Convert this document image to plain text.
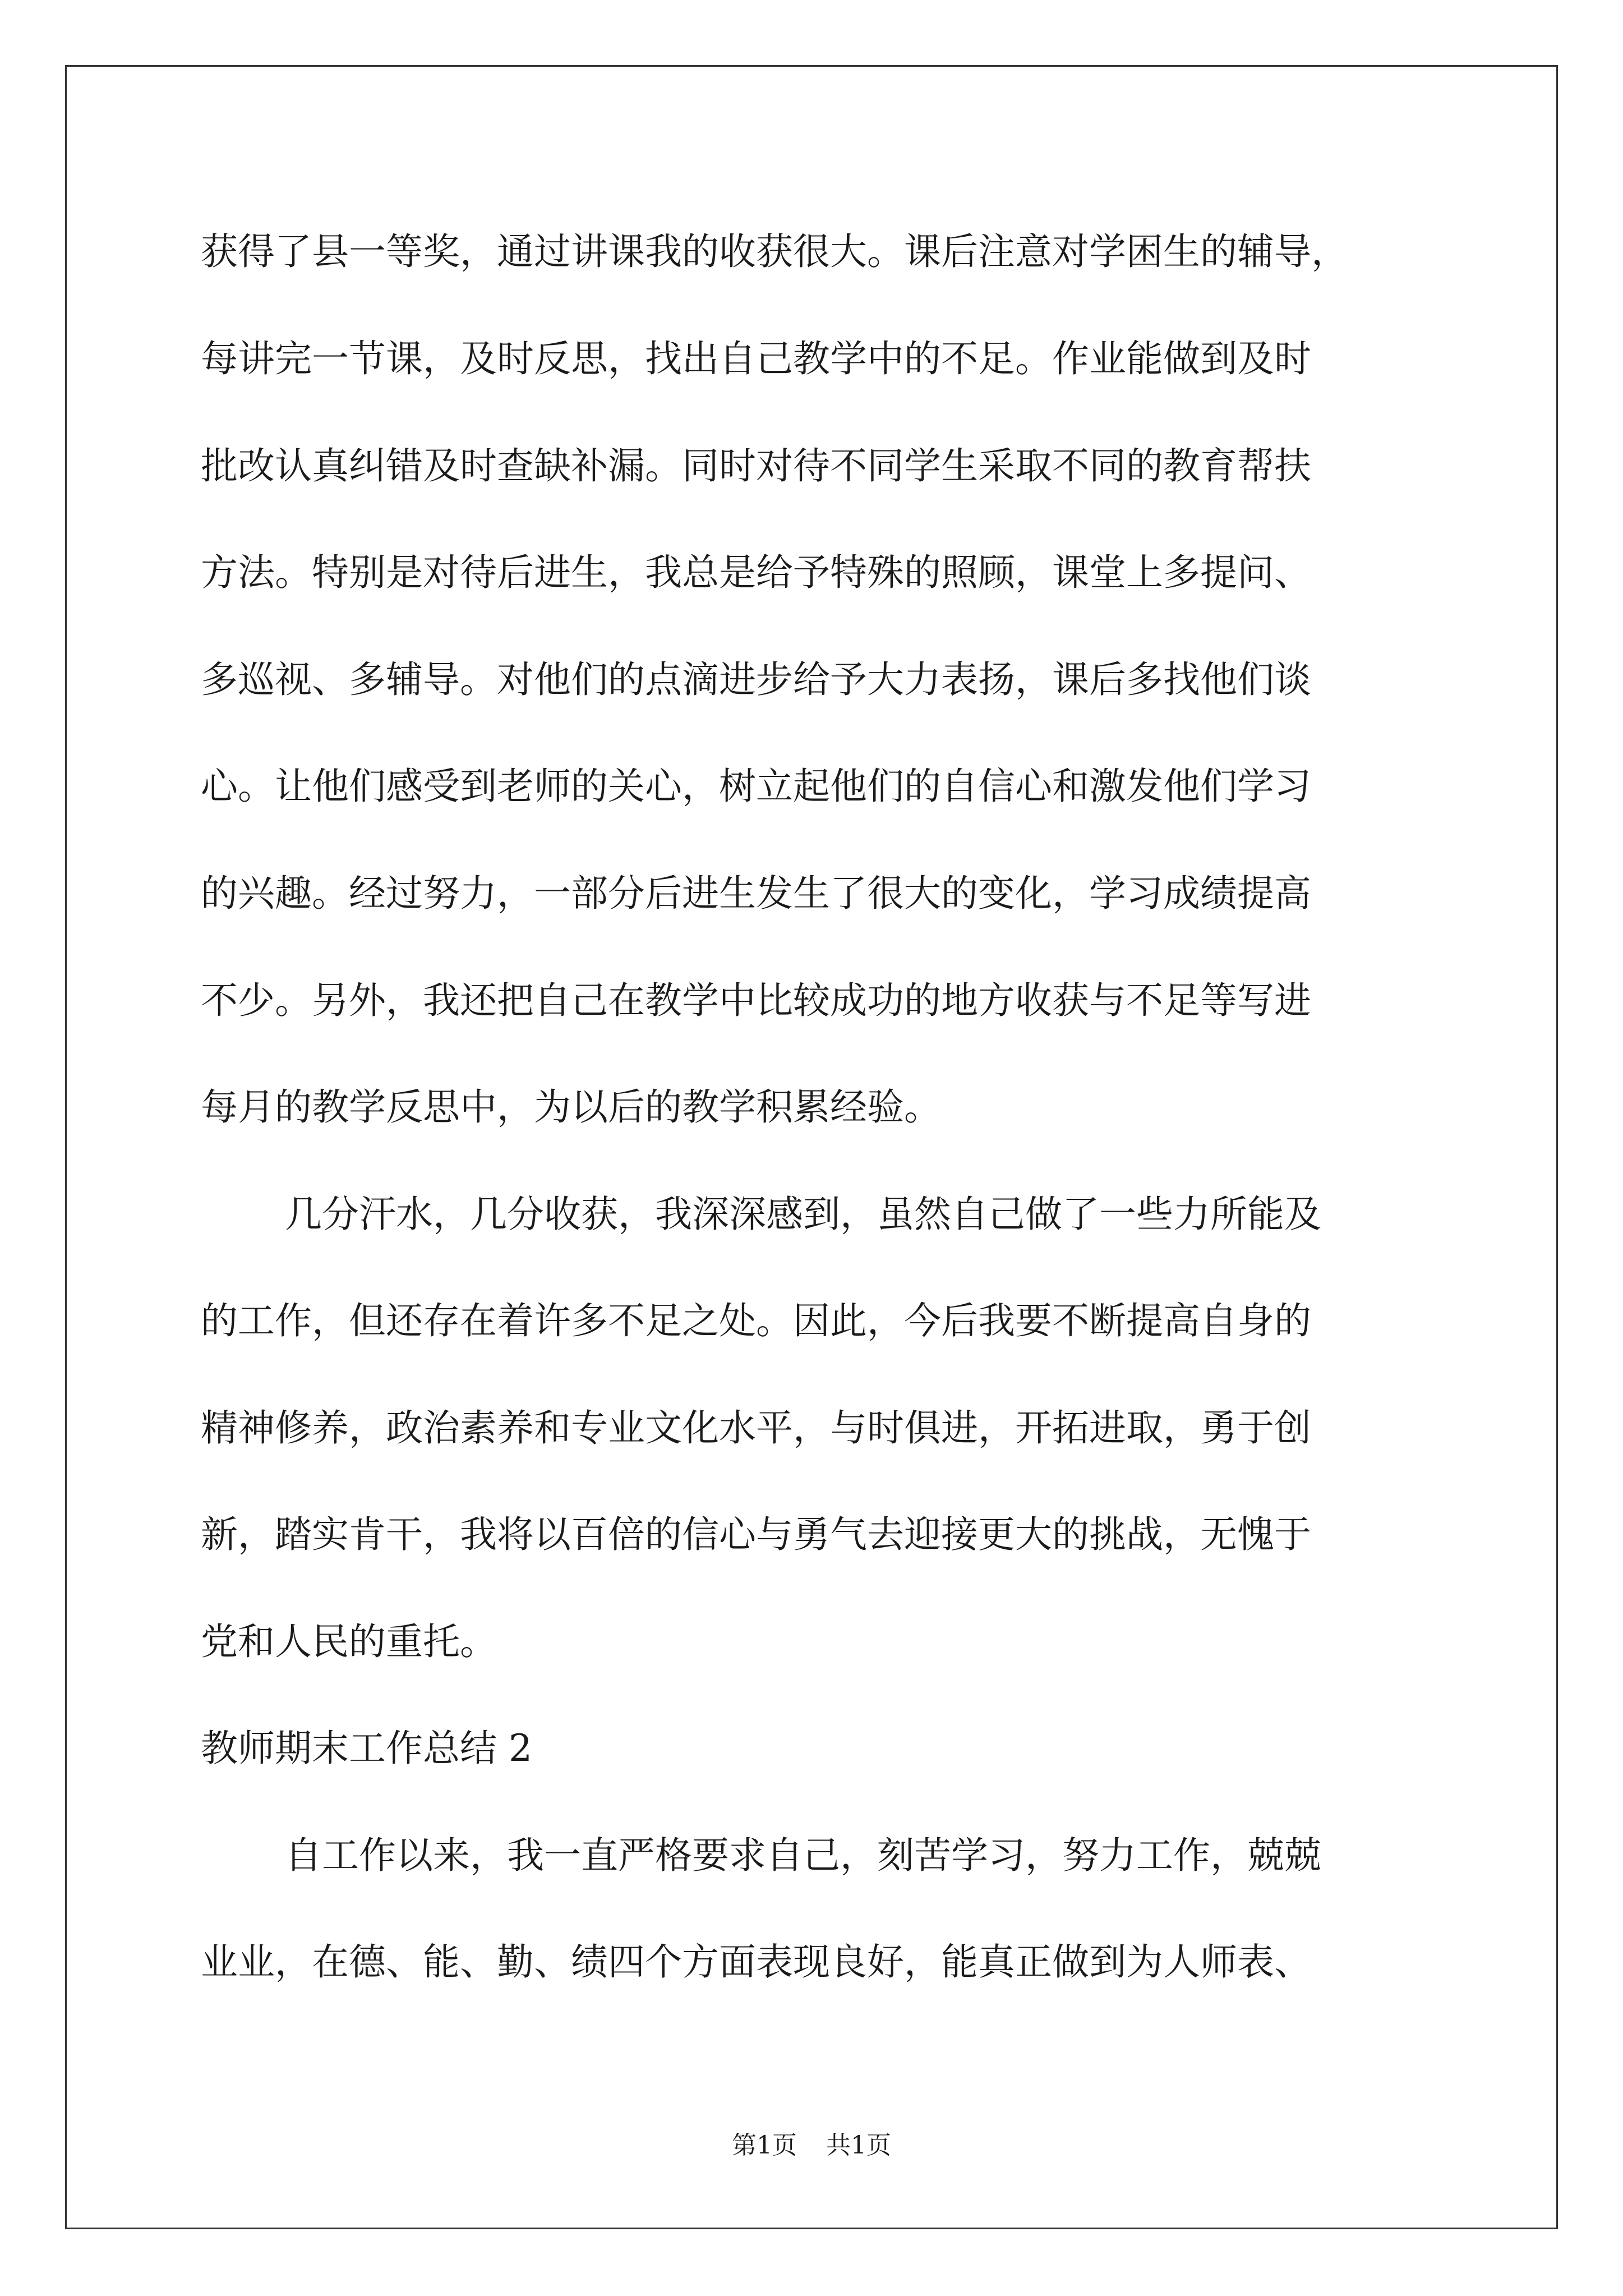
获得了县一等奖，通过讲课我的收获很大。课后注意对学困生的辅导，
每讲完一节课，及时反思，找出自己教学中的不足。作业能做到及时
批改认真纠错及时查缺补漏。同时对待不同学生采取不同的教育帮扶
方法。特别是对待后进生，我总是给予特殊的照顾，课堂上多提问、
多巡视、多辅导。对他们的点滴进步给予大力表扬，课后多找他们谈
心。让他们感受到老师的关心，树立起他们的自信心和激发他们学习
的兴趣。经过努力，一部分后进生发生了很大的变化，学习成绩提高
不少。另外，我还把自己在教学中比较成功的地方收获与不足等写进
每月的教学反思中，为以后的教学积累经验。
几分汗水，几分收获，我深深感到，虽然自己做了一些力所能及
的工作，但还存在着许多不足之处。因此，今后我要不断提高自身的
精神修养，政治素养和专业文化水平，与时俱进，开拓进取，勇于创
新，踏实肯干，我将以百倍的信心与勇气去迎接更大的挑战，无愧于
党和人民的重托。
教师期末工作总结 2
自工作以来，我一直严格要求自己，刻苦学习，努力工作，兢兢
业业，在德、能、勤、绩四个方面表现良好，能真正做到为人师表、
第1页 共1页
